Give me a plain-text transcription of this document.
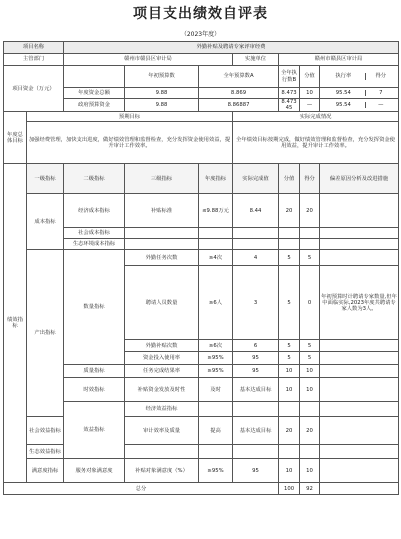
项目支出绩效自评表
（2023年度）
项目名称		外勤补贴及聘请专家评审经费							
主管部门		赣州市赣县区审计局			实施单位	赣州市赣县区审计局			
项目资金（万元）			年初预算数	全年预算数A		全年执行数B	分值	执行率 得分	
		年度资金总额	9.88	8.869		8.473	10	95.54 7	
		政府预算资金	9.88	8.86887		8.47345	—	95.54 —	
年度总体目标	预期目标				实际完成情况				
	加强经费管理，加快支出进度，做好绩效管理和监督检查，充分发挥资金使用效益，提升审计工作效率。				全年绩效目标按期完成，做好绩效管理和监督检查，充分发挥资金使用效益，提升审计工作效率。				
绩效指标	一级指标	二级指标	三级指标	年度指标	实际完成值	分值	得分	偏差原因分析及改进措施	
	成本指标	经济成本指标	补贴标准	≤9.88万元	8.44	20	20		
		社会成本指标							
		生态环境成本指标							
	产出指标	数量指标	外勤任务次数	≥4次	4	5	5		
			聘请人员数量	≥6人	3	5	0	年初预算时计聘请专家数量,但年中面临实际,2023年度共聘请专家人数为3人。	
			外勤补贴次数	≥6次	6	5	5		
			资金投入使用率	≥95%	95	5	5		
		质量指标	任务完成结果率	≥95%	95	10	10		
		时效指标	补贴资金发放及时性	及时	基本达成目标	10	10		
		效益指标	经济效益指标						
	社会效益指标		审计效率及质量	提高	基本达成目标	20	20		
	生态效益指标								
	满意度指标	服务对象满意度	补贴对象满意度（%）	≥95%	95	10	10		
总分						100	92		
